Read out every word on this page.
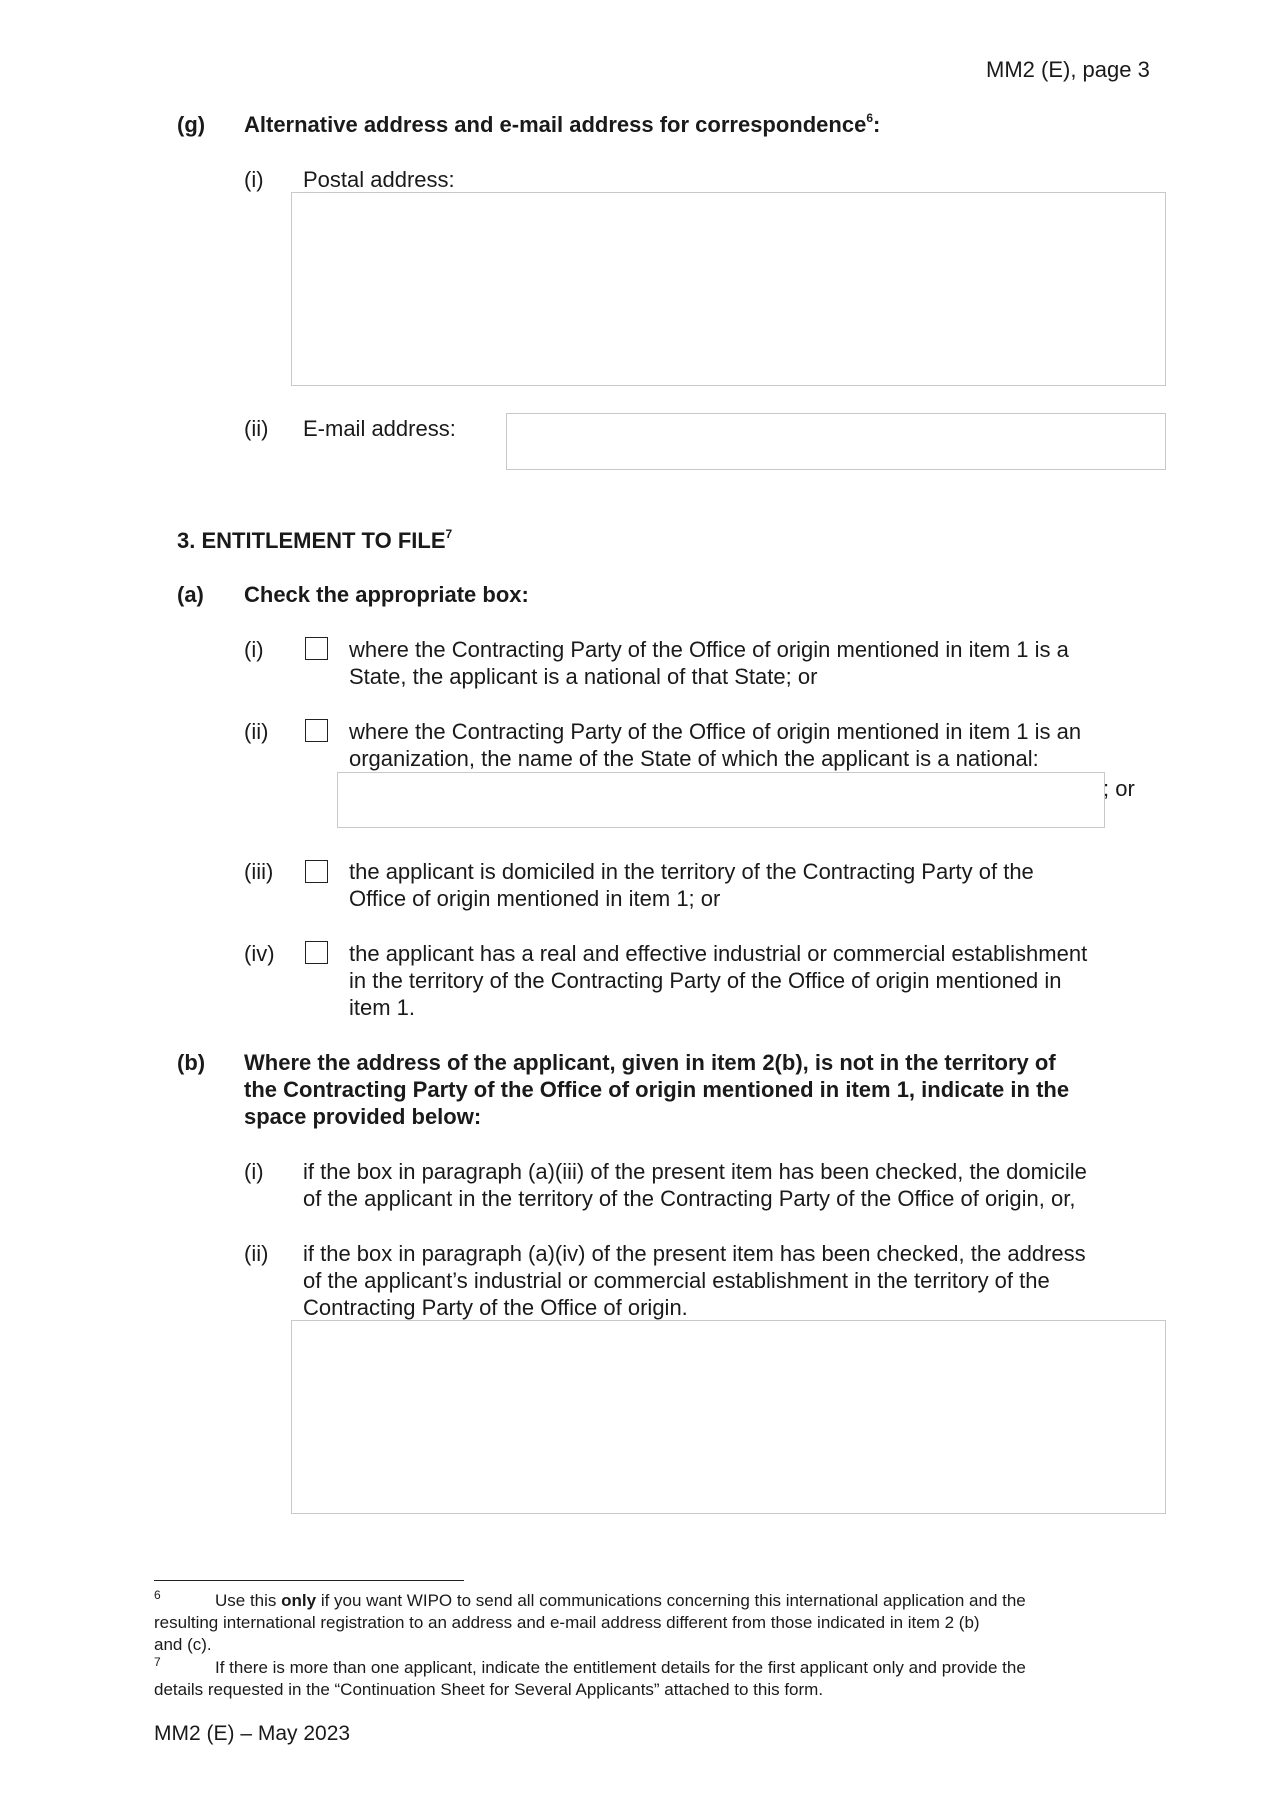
MM2 (E), page 3
(g) Alternative address and e-mail address for correspondence$^6$:
(i) Postal address:
(ii) E-mail address:
3. ENTITLEMENT TO FILE$^7$
(a) Check the appropriate box:
(i)	where the Contracting Party of the Office of origin mentioned in item 1 is a
State, the applicant is a national of that State; or
(ii)	where the Contracting Party of the Office of origin mentioned in item 1 is an
organization, the name of the State of which the applicant is a national:
; or
(iii)	the applicant is domiciled in the territory of the Contracting Party of the
Office of origin mentioned in item 1; or
(iv)	the applicant has a real and effective industrial or commercial establishment
in the territory of the Contracting Party of the Office of origin mentioned in
item 1.
(b) Where the address of the applicant, given in item 2(b), is not in the territory of
the Contracting Party of the Office of origin mentioned in item 1, indicate in the
space provided below:
(i) if the box in paragraph (a)(iii) of the present item has been checked, the domicile
of the applicant in the territory of the Contracting Party of the Office of origin, or,
(ii) if the box in paragraph (a)(iv) of the present item has been checked, the address
of the applicant’s industrial or commercial establishment in the territory of the
Contracting Party of the Office of origin.
6	Use this only if you want WIPO to send all communications concerning this international application and the
resulting international registration to an address and e-mail address different from those indicated in item 2 (b)
and (c).
7	If there is more than one applicant, indicate the entitlement details for the first applicant only and provide the
details requested in the “Continuation Sheet for Several Applicants” attached to this form.
MM2 (E) – May 2023
